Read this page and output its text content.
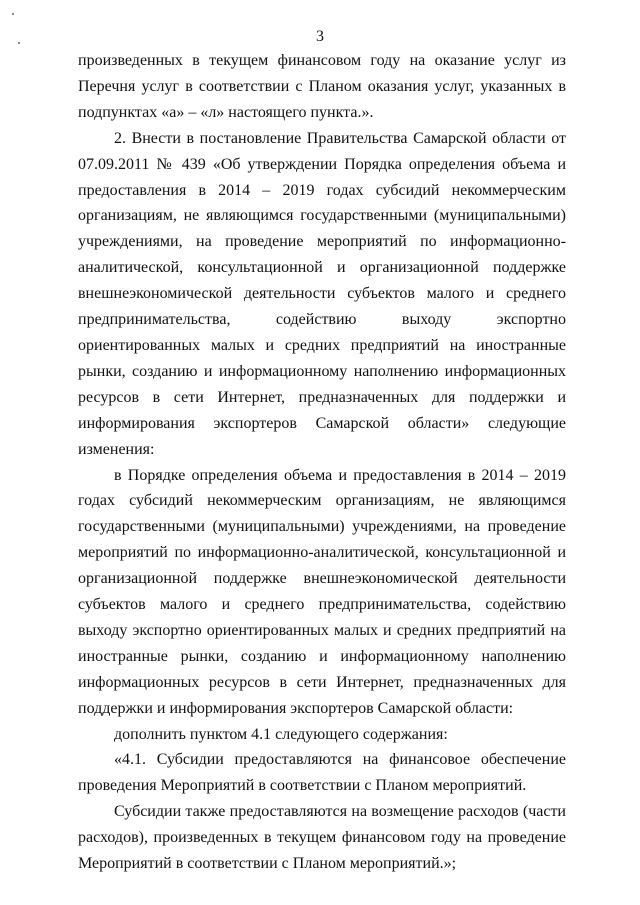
3

произведенных в текущем финансовом году на оказание услуг из Перечня услуг в соответствии с Планом оказания услуг, указанных в подпунктах «а» – «л» настоящего пункта.».

2. Внести в постановление Правительства Самарской области от 07.09.2011 № 439 «Об утверждении Порядка определения объема и предоставления в 2014 – 2019 годах субсидий некоммерческим организациям, не являющимся государственными (муниципальными) учреждениями, на проведение мероприятий по информационно-аналитической, консультационной и организационной поддержке внешнеэкономической деятельности субъектов малого и среднего предпринимательства, содействию выходу экспортно ориентированных малых и средних предприятий на иностранные рынки, созданию и информационному наполнению информационных ресурсов в сети Интернет, предназначенных для поддержки и информирования экспортеров Самарской области» следующие изменения:

в Порядке определения объема и предоставления в 2014 – 2019 годах субсидий некоммерческим организациям, не являющимся государственными (муниципальными) учреждениями, на проведение мероприятий по информационно-аналитической, консультационной и организационной поддержке внешнеэкономической деятельности субъектов малого и среднего предпринимательства, содействию выходу экспортно ориентированных малых и средних предприятий на иностранные рынки, созданию и информационному наполнению информационных ресурсов в сети Интернет, предназначенных для поддержки и информирования экспортеров Самарской области:

дополнить пунктом 4.1 следующего содержания:

«4.1. Субсидии предоставляются на финансовое обеспечение проведения Мероприятий в соответствии с Планом мероприятий.

Субсидии также предоставляются на возмещение расходов (части расходов), произведенных в текущем финансовом году на проведение Мероприятий в соответствии с Планом мероприятий.»;
